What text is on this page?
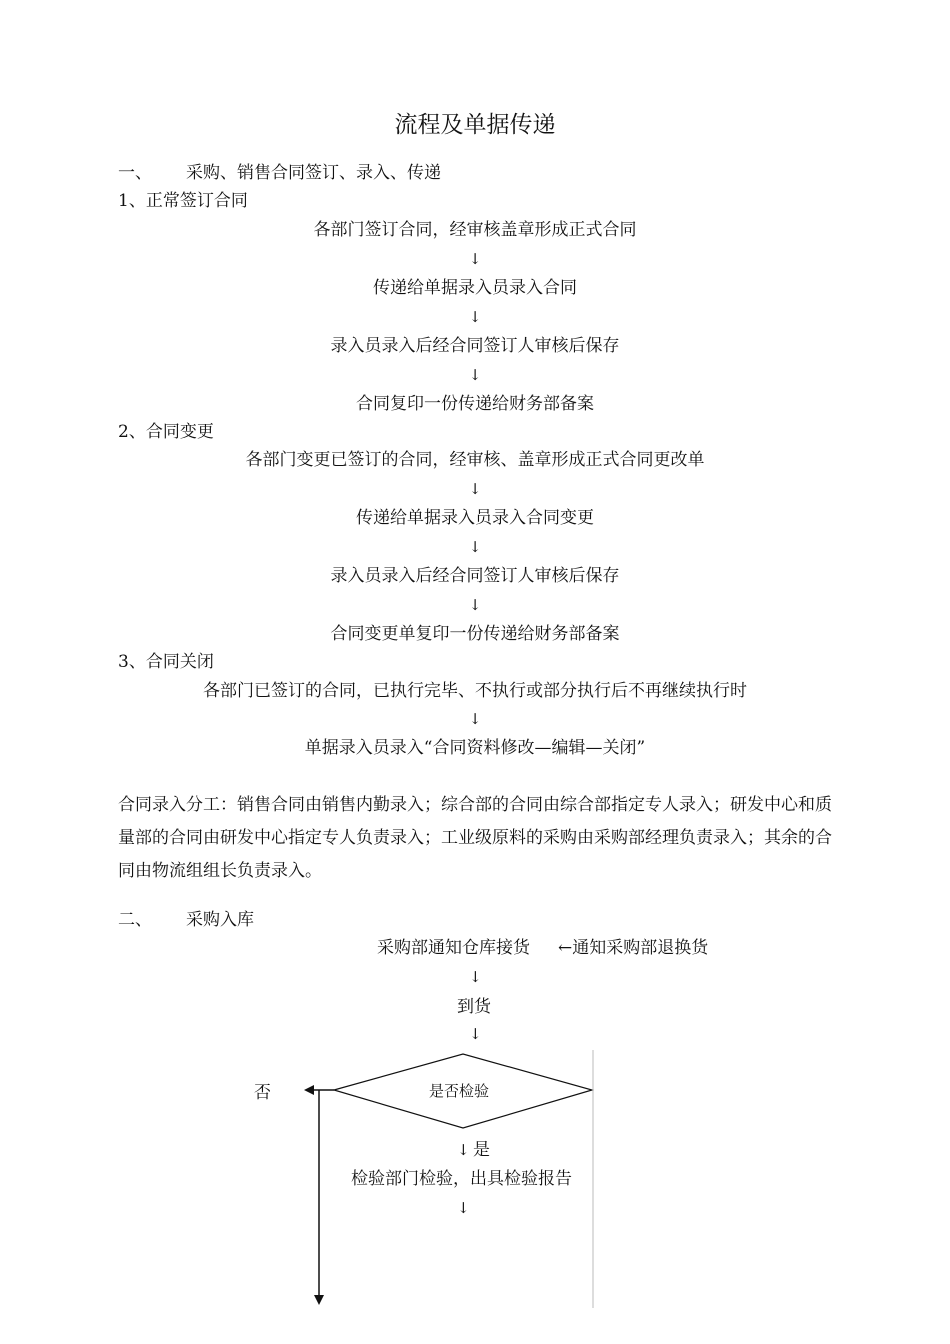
流程及单据传递
一、 采购、销售合同签订、录入、传递
1、正常签订合同
各部门签订合同，经审核盖章形成正式合同
↓
传递给单据录入员录入合同
↓
录入员录入后经合同签订人审核后保存
↓
合同复印一份传递给财务部备案
2、合同变更
各部门变更已签订的合同，经审核、盖章形成正式合同更改单
↓
传递给单据录入员录入合同变更
↓
录入员录入后经合同签订人审核后保存
↓
合同变更单复印一份传递给财务部备案
3、合同关闭
各部门已签订的合同，已执行完毕、不执行或部分执行后不再继续执行时
↓
单据录入员录入“合同资料修改—编辑—关闭”
合同录入分工：销售合同由销售内勤录入；综合部的合同由综合部指定专人录入；研发中心和质量部的合同由研发中心指定专人负责录入；工业级原料的采购由采购部经理负责录入；其余的合同由物流组组长负责录入。
二、 采购入库
采购部通知仓库接货 ←通知采购部退换货
↓
到货
↓
是否检验
否
↓ 是
检验部门检验，出具检验报告
↓
